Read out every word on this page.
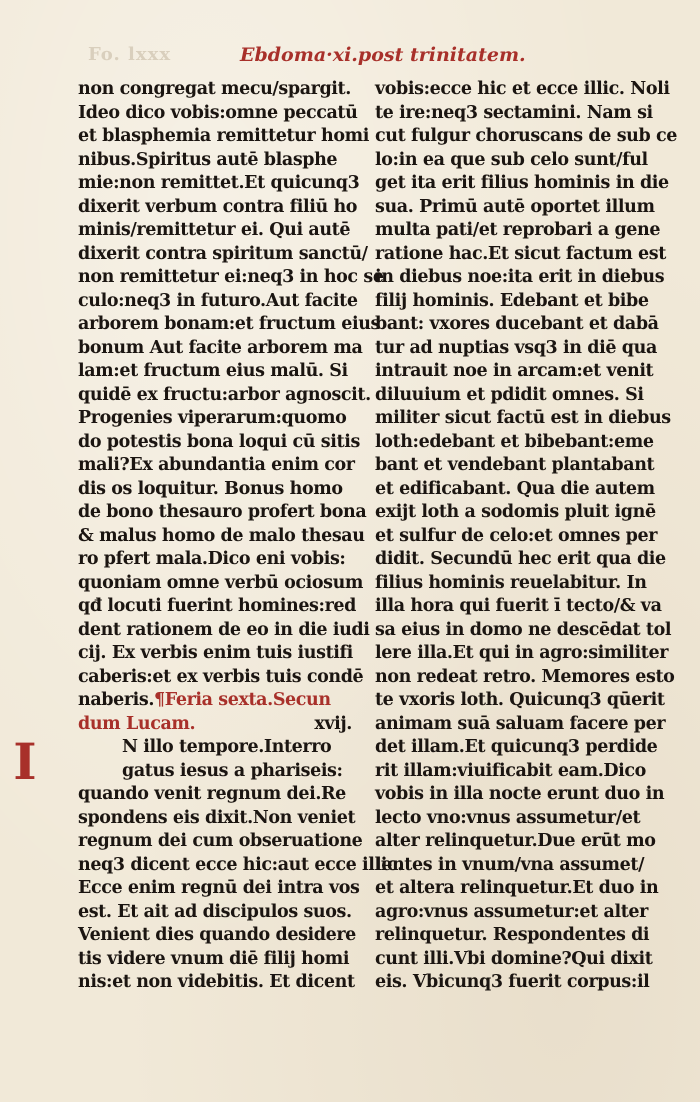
Fo. lxxx	Ebdoma·xi.post trinitatem.
non congregat mecu/spargit.
Ideo dico vobis:omne peccatū
et blasphemia remittetur homi
nibus.Spiritus autē blasphe
mie:non remittet.Et quicunq3
dixerit verbum contra filiū ho
minis/remittetur ei. Qui autē
dixerit contra spiritum sanctū/
non remittetur ei:neq3 in hoc se
culo:neq3 in futuro.Aut facite
arborem bonam:et fructum eius
bonum Aut facite arborem ma
lam:et fructum eius malū. Si
quidē ex fructu:arbor agnoscit.
Progenies viperarum:quomo
do potestis bona loqui cū sitis
mali?Ex abundantia enim cor
dis os loquitur. Bonus homo
de bono thesauro profert bona
& malus homo de malo thesau
ro pfert mala.Dico eni vobis:
quoniam omne verbū ociosum
qđ locuti fuerint homines:red
dent rationem de eo in die iudi
cij. Ex verbis enim tuis iustifi
caberis:et ex verbis tuis condē
naberis.¶Feria sexta.Secun
dum Lucam.	xvij.
N illo tempore.Interro
gatus iesus a phariseis:
quando venit regnum dei.Re
spondens eis dixit.Non veniet
regnum dei cum obseruatione
neq3 dicent ecce hic:aut ecce illic.
Ecce enim regnū dei intra vos
est. Et ait ad discipulos suos.
Venient dies quando desidere
tis videre vnum diē filij homi
nis:et non videbitis. Et dicent
I
vobis:ecce hic et ecce illic. Noli
te ire:neq3 sectamini. Nam si
cut fulgur choruscans de sub ce
lo:in ea que sub celo sunt/ful
get ita erit filius hominis in die
sua. Primū autē oportet illum
multa pati/et reprobari a gene
ratione hac.Et sicut factum est
in diebus noe:ita erit in diebus
filij hominis. Edebant et bibe
bant: vxores ducebant et dabā
tur ad nuptias vsq3 in diē qua
intrauit noe in arcam:et venit
diluuium et pdidit omnes. Si
militer sicut factū est in diebus
loth:edebant et bibebant:eme
bant et vendebant plantabant
et edificabant. Qua die autem
exijt loth a sodomis pluit ignē
et sulfur de celo:et omnes per
didit. Secundū hec erit qua die
filius hominis reuelabitur. In
illa hora qui fuerit ī tecto/& va
sa eius in domo ne descēdat tol
lere illa.Et qui in agro:similiter
non redeat retro. Memores esto
te vxoris loth. Quicunq3 qūerit
animam suā saluam facere per
det illam.Et quicunq3 perdide
rit illam:viuificabit eam.Dico
vobis in illa nocte erunt duo in
lecto vno:vnus assumetur/et
alter relinquetur.Due erūt mo
lentes in vnum/vna assumet/
et altera relinquetur.Et duo in
agro:vnus assumetur:et alter
relinquetur. Respondentes di
cunt illi.Vbi domine?Qui dixit
eis. Vbicunq3 fuerit corpus:il
